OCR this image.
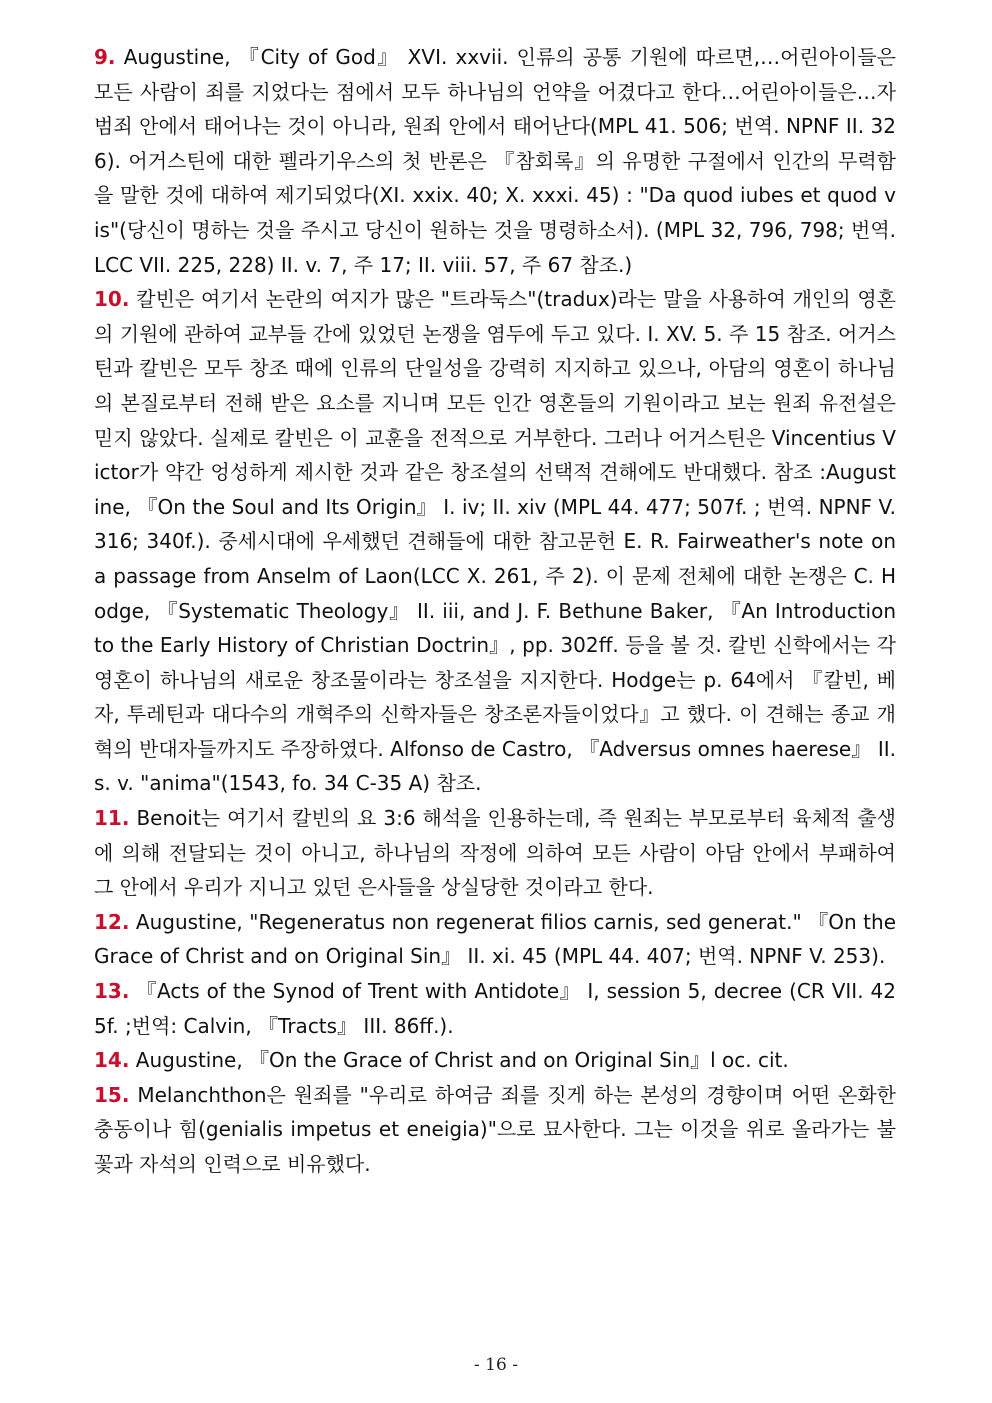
9. Augustine, 『City of God』 XVI. xxvii. 인류의 공통 기원에 따르면,…어린아이들은 모든 사람이 죄를 지었다는 점에서 모두 하나님의 언약을 어겼다고 한다…어린아이들은…자범죄 안에서 태어나는 것이 아니라, 원죄 안에서 태어난다(MPL 41. 506; 번역. NPNF II. 326). 어거스틴에 대한 펠라기우스의 첫 반론은 『참회록』의 유명한 구절에서 인간의 무력함을 말한 것에 대하여 제기되었다(XI. xxix. 40; X. xxxi. 45) : "Da quod iubes et quod vis"(당신이 명하는 것을 주시고 당신이 원하는 것을 명령하소서). (MPL 32, 796, 798; 번역. LCC VII. 225, 228) II. v. 7, 주 17; II. viii. 57, 주 67 참조.)

10. 칼빈은 여기서 논란의 여지가 많은 "트라둑스"(tradux)라는 말을 사용하여 개인의 영혼의 기원에 관하여 교부들 간에 있었던 논쟁을 염두에 두고 있다. I. XV. 5. 주 15 참조. 어거스틴과 칼빈은 모두 창조 때에 인류의 단일성을 강력히 지지하고 있으나, 아담의 영혼이 하나님의 본질로부터 전해 받은 요소를 지니며 모든 인간 영혼들의 기원이라고 보는 원죄 유전설은 믿지 않았다. 실제로 칼빈은 이 교훈을 전적으로 거부한다. 그러나 어거스틴은 Vincentius Victor가 약간 엉성하게 제시한 것과 같은 창조설의 선택적 견해에도 반대했다. 참조 :Augustine, 『On the Soul and Its Origin』 I. iv; II. xiv (MPL 44. 477; 507f. ; 번역. NPNF V. 316; 340f.). 중세시대에 우세했던 견해들에 대한 참고문헌 E. R. Fairweather's note on a passage from Anselm of Laon(LCC X. 261, 주 2). 이 문제 전체에 대한 논쟁은 C. Hodge, 『Systematic Theology』 II. iii, and J. F. Bethune Baker, 『An Introduction to the Early History of Christian Doctrin』, pp. 302ff. 등을 볼 것. 칼빈 신학에서는 각 영혼이 하나님의 새로운 창조물이라는 창조설을 지지한다. Hodge는 p. 64에서 『칼빈, 베자, 투레틴과 대다수의 개혁주의 신학자들은 창조론자들이었다』고 했다. 이 견해는 종교 개혁의 반대자들까지도 주장하였다. Alfonso de Castro, 『Adversus omnes haerese』 II. s. v. "anima"(1543, fo. 34 C-35 A) 참조.

11. Benoit는 여기서 칼빈의 요 3:6 해석을 인용하는데, 즉 원죄는 부모로부터 육체적 출생에 의해 전달되는 것이 아니고, 하나님의 작정에 의하여 모든 사람이 아담 안에서 부패하여 그 안에서 우리가 지니고 있던 은사들을 상실당한 것이라고 한다.

12. Augustine, "Regeneratus non regenerat filios carnis, sed generat." 『On the Grace of Christ and on Original Sin』 II. xi. 45 (MPL 44. 407; 번역. NPNF V. 253).

13. 『Acts of the Synod of Trent with Antidote』 I, session 5, decree (CR VII. 425f. ;번역: Calvin, 『Tracts』 III. 86ff.).

14. Augustine, 『On the Grace of Christ and on Original Sin』l oc. cit.

15. Melanchthon은 원죄를 "우리로 하여금 죄를 짓게 하는 본성의 경향이며 어떤 온화한 충동이나 힘(genialis impetus et eneigia)"으로 묘사한다. 그는 이것을 위로 올라가는 불꽃과 자석의 인력으로 비유했다.

- 16 -
